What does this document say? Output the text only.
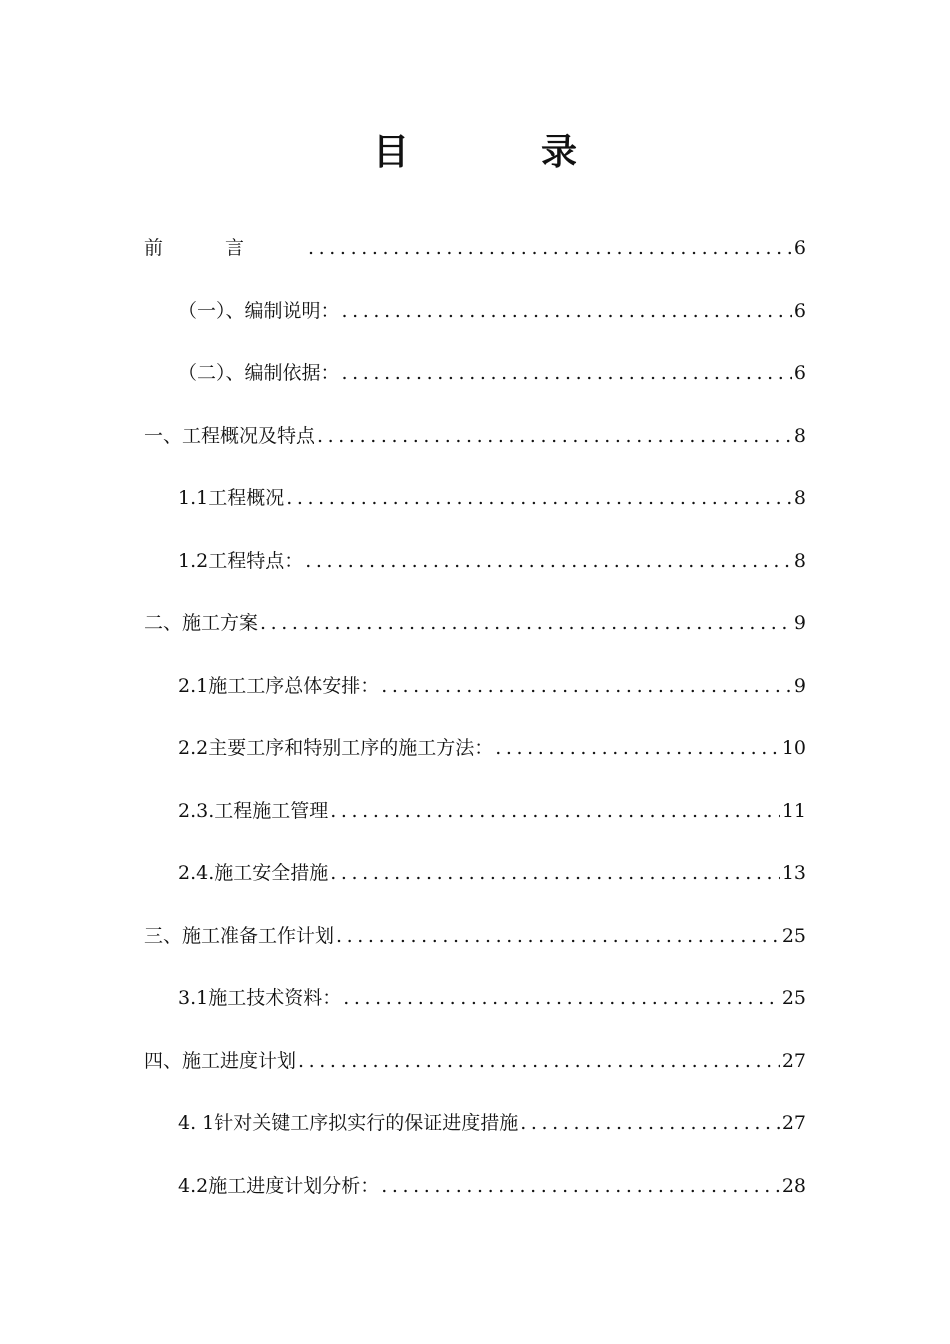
目　录
前言 .....	6
（一）、编制说明： .....	6
（二）、编制依据： .....	6
一、工程概况及特点 .....	8
1.1工程概况 .....	8
1.2工程特点： .....	8
二、施工方案 .....	9
2.1施工工序总体安排： .....	9
2.2主要工序和特别工序的施工方法： .....	10
2.3.工程施工管理 .....	11
2.4.施工安全措施 .....	13
三、施工准备工作计划 .....	25
3.1施工技术资料： .....	25
四、施工进度计划 .....	27
4. 1针对关键工序拟实行的保证进度措施 .....	27
4.2施工进度计划分析： .....	28
